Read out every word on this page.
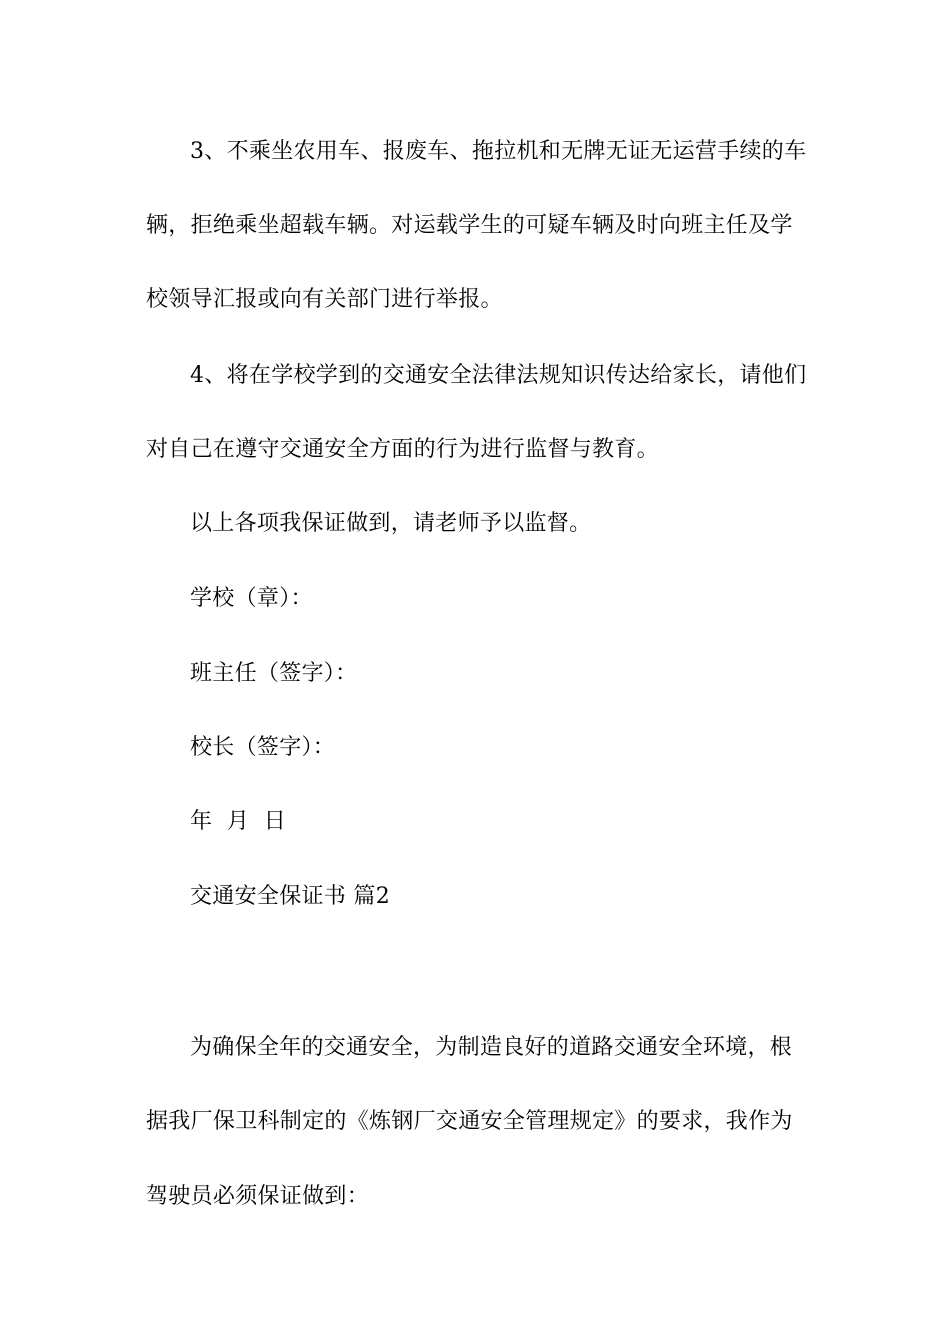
3、不乘坐农用车、报废车、拖拉机和无牌无证无运营手续的车
辆，拒绝乘坐超载车辆。对运载学生的可疑车辆及时向班主任及学
校领导汇报或向有关部门进行举报。
4、将在学校学到的交通安全法律法规知识传达给家长，请他们
对自己在遵守交通安全方面的行为进行监督与教育。
以上各项我保证做到，请老师予以监督。
学校（章）：
班主任（签字）：
校长（签字）：
年  月  日
交通安全保证书 篇2
为确保全年的交通安全，为制造良好的道路交通安全环境，根
据我厂保卫科制定的《炼钢厂交通安全管理规定》的要求，我作为
驾驶员必须保证做到：
